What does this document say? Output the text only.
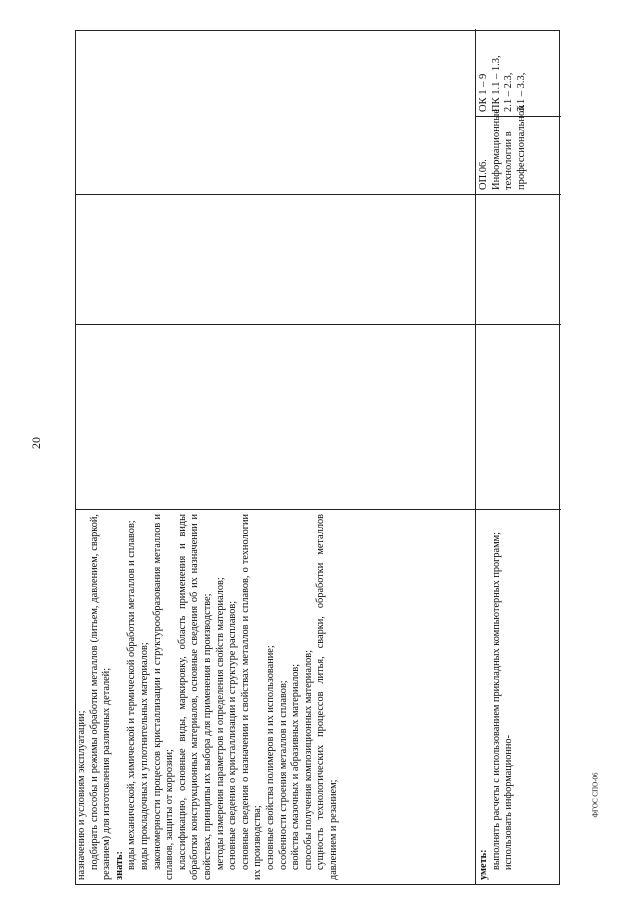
20
ФГОС СПО-06

назначению и условиям эксплуатации; подбирать способы и режимы обработки металлов (литьем, давлением, сваркой, резанием) для изготовления различных деталей; знать: виды механической, химической и термической обработки металлов и сплавов; виды прокладочных и уплотнительных материалов; закономерности процессов кристаллизации и структурообразования металлов и сплавов, защиты от коррозии; классификацию, основные виды, маркировку, область применения и виды обработки конструкционных материалов, основные сведения об их назначении и свойствах, принципы их выбора для применения в производстве; методы измерения параметров и определения свойств материалов; основные сведения о кристаллизации и структуре расплавов; основные сведения о назначении и свойствах металлов и сплавов, о технологии их производства; основные свойства полимеров и их использование; особенности строения металлов и сплавов; свойства смазочных и абразивных материалов; способы получения композиционных материалов; сущность технологических процессов литья, сварки, обработки металлов давлением и резанием;	уметь: выполнять расчеты с использованием прикладных компьютерных программ; использовать информационно-

ОП.06. Информационные технологии в профессиональной
ОК 1 – 9 ПК 1.1 – 1.3, 2.1 – 2.3, 3.1 – 3.3,
